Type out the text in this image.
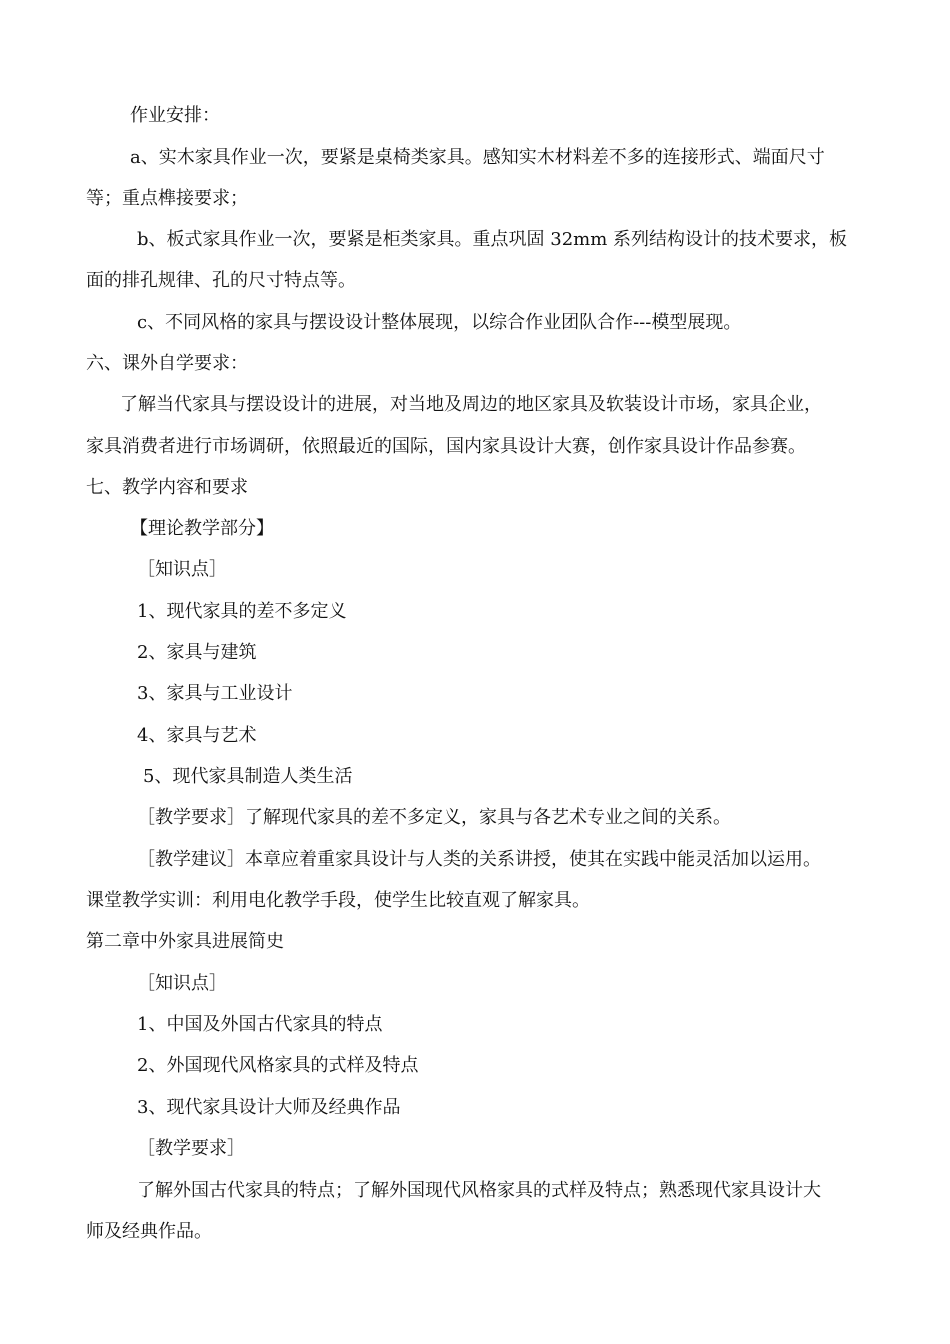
作业安排：
a、实木家具作业一次，要紧是桌椅类家具。感知实木材料差不多的连接形式、端面尺寸
等；重点榫接要求；
b、板式家具作业一次，要紧是柜类家具。重点巩固 32mm 系列结构设计的技术要求，板
面的排孔规律、孔的尺寸特点等。
c、不同风格的家具与摆设设计整体展现，以综合作业团队合作---模型展现。
六、课外自学要求：
了解当代家具与摆设设计的进展，对当地及周边的地区家具及软装设计市场，家具企业，
家具消费者进行市场调研，依照最近的国际，国内家具设计大赛，创作家具设计作品参赛。
七、教学内容和要求
【理论教学部分】
［知识点］
1、现代家具的差不多定义
2、家具与建筑
3、家具与工业设计
4、家具与艺术
5、现代家具制造人类生活
［教学要求］了解现代家具的差不多定义，家具与各艺术专业之间的关系。
［教学建议］本章应着重家具设计与人类的关系讲授，使其在实践中能灵活加以运用。
课堂教学实训：利用电化教学手段，使学生比较直观了解家具。
第二章中外家具进展简史
［知识点］
1、中国及外国古代家具的特点
2、外国现代风格家具的式样及特点
3、现代家具设计大师及经典作品
［教学要求］
了解外国古代家具的特点；了解外国现代风格家具的式样及特点；熟悉现代家具设计大
师及经典作品。
